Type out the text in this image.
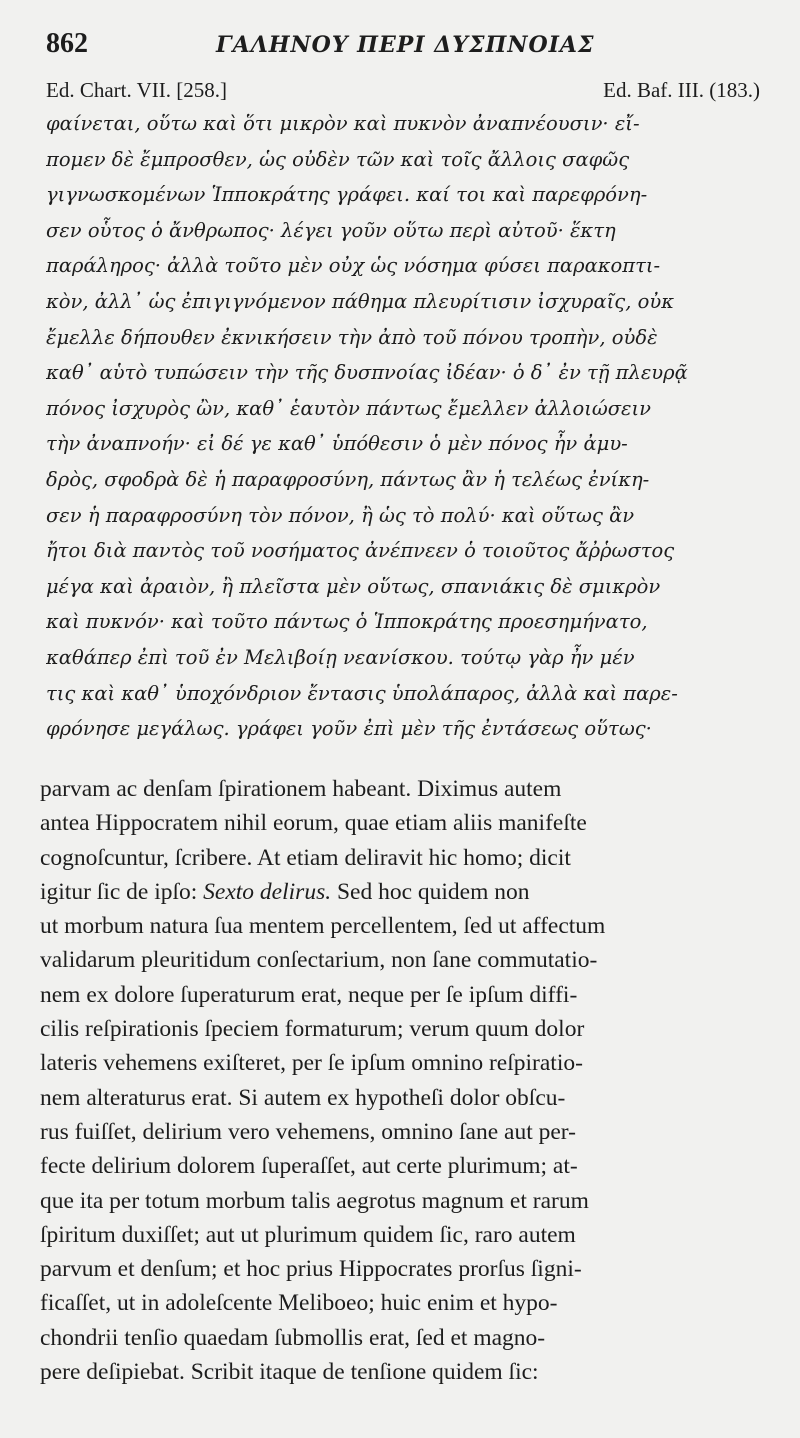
862	ΓΑΛΗΝΟΥ ΠΕΡΙ ΔΥΣΠΝΟΙΑΣ
Ed. Chart. VII. [258.]	Ed. Baf. III. (183.)
φαίνεται, οὕτω καὶ ὅτι μικρὸν καὶ πυκνὸν ἀναπνέουσιν· εἴ-
πομεν δὲ ἔμπροσθεν, ὡς οὐδὲν τῶν καὶ τοῖς ἄλλοις σαφῶς
γιγνωσκομένων Ἱπποκράτης γράφει. καί τοι καὶ παρεφρόνη-
σεν οὗτος ὁ ἄνθρωπος· λέγει γοῦν οὕτω περὶ αὐτοῦ· ἕκτη
παράληρος· ἀλλὰ τοῦτο μὲν οὐχ ὡς νόσημα φύσει παρακοπτι-
κὸν, ἀλλ᾽ ὡς ἐπιγιγνόμενον πάθημα πλευρίτισιν ἰσχυραῖς, οὐκ
ἔμελλε δήπουθεν ἐκνικήσειν τὴν ἀπὸ τοῦ πόνου τροπὴν, οὐδὲ
καθ᾽ αὑτὸ τυπώσειν τὴν τῆς δυσπνοίας ἰδέαν· ὁ δ᾽ ἐν τῇ πλευρᾷ
πόνος ἰσχυρὸς ὢν, καθ᾽ ἑαυτὸν πάντως ἔμελλεν ἀλλοιώσειν
τὴν ἀναπνοήν· εἰ δέ γε καθ᾽ ὑπόθεσιν ὁ μὲν πόνος ἦν ἀμυ-
δρὸς, σφοδρὰ δὲ ἡ παραφροσύνη, πάντως ἂν ἡ τελέως ἐνίκη-
σεν ἡ παραφροσύνη τὸν πόνον, ἢ ὡς τὸ πολύ· καὶ οὕτως ἂν
ἤτοι διὰ παντὸς τοῦ νοσήματος ἀνέπνεεν ὁ τοιοῦτος ἄῤῥωστος
μέγα καὶ ἀραιὸν, ἢ πλεῖστα μὲν οὕτως, σπανιάκις δὲ σμικρὸν
καὶ πυκνόν· καὶ τοῦτο πάντως ὁ Ἱπποκράτης προεσημήνατο,
καθάπερ ἐπὶ τοῦ ἐν Μελιβοίῃ νεανίσκου. τούτῳ γὰρ ἦν μέν
τις καὶ καθ᾽ ὑποχόνδριον ἔντασις ὑπολάπαρος, ἀλλὰ καὶ παρε-
φρόνησε μεγάλως. γράφει γοῦν ἐπὶ μὲν τῆς ἐντάσεως οὕτως·
parvam ac denſam ſpirationem habeant. Diximus autem
antea Hippocratem nihil eorum, quae etiam aliis manifeſte
cognoſcuntur, ſcribere. At etiam deliravit hic homo; dicit
igitur ſic de ipſo: Sexto delirus. Sed hoc quidem non
ut morbum natura ſua mentem percellentem, ſed ut affectum
validarum pleuritidum conſectarium, non ſane commutatio-
nem ex dolore ſuperaturum erat, neque per ſe ipſum diffi-
cilis reſpirationis ſpeciem formaturum; verum quum dolor
lateris vehemens exiſteret, per ſe ipſum omnino reſpiratio-
nem alteraturus erat. Si autem ex hypotheſi dolor obſcu-
rus fuiſſet, delirium vero vehemens, omnino ſane aut per-
fecte delirium dolorem ſuperaſſet, aut certe plurimum; at-
que ita per totum morbum talis aegrotus magnum et rarum
ſpiritum duxiſſet; aut ut plurimum quidem ſic, raro autem
parvum et denſum; et hoc prius Hippocrates prorſus ſigni-
ficaſſet, ut in adoleſcente Meliboeo; huic enim et hypo-
chondrii tenſio quaedam ſubmollis erat, ſed et magno-
pere deſipiebat. Scribit itaque de tenſione quidem ſic:
